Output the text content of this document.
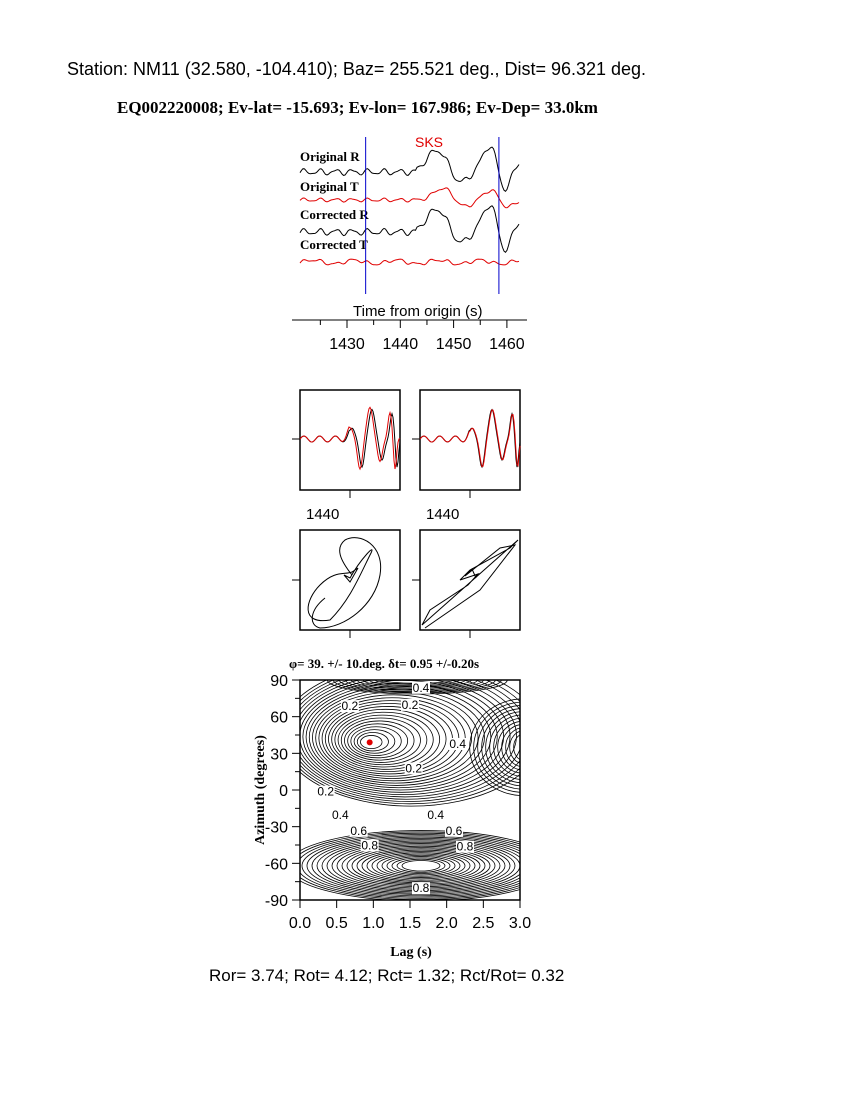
Station: NM11 (32.580, -104.410); Baz= 255.521 deg., Dist= 96.321 deg.
EQ002220008; Ev-lat= -15.693; Ev-lon= 167.986; Ev-Dep= 33.0km
SKS
Original R
Original T
Corrected R
Corrected T
Time from origin (s)
1430 1440 1450 1460
1440	1440
φ= 39. +/- 10.deg. δt= 0.95 +/-0.20s
0.4
0.2	0.2
0.4
0.2
0.2
0.4
0.6
0.8
0.4
0.6
0.8
0.8
90
60
30
0
-30
-60
-90
0.0 0.5 1.0 1.5 2.0 2.5 3.0
Azimuth (degrees)
Lag (s)
Ror= 3.74; Rot= 4.12; Rct= 1.32; Rct/Rot= 0.32
